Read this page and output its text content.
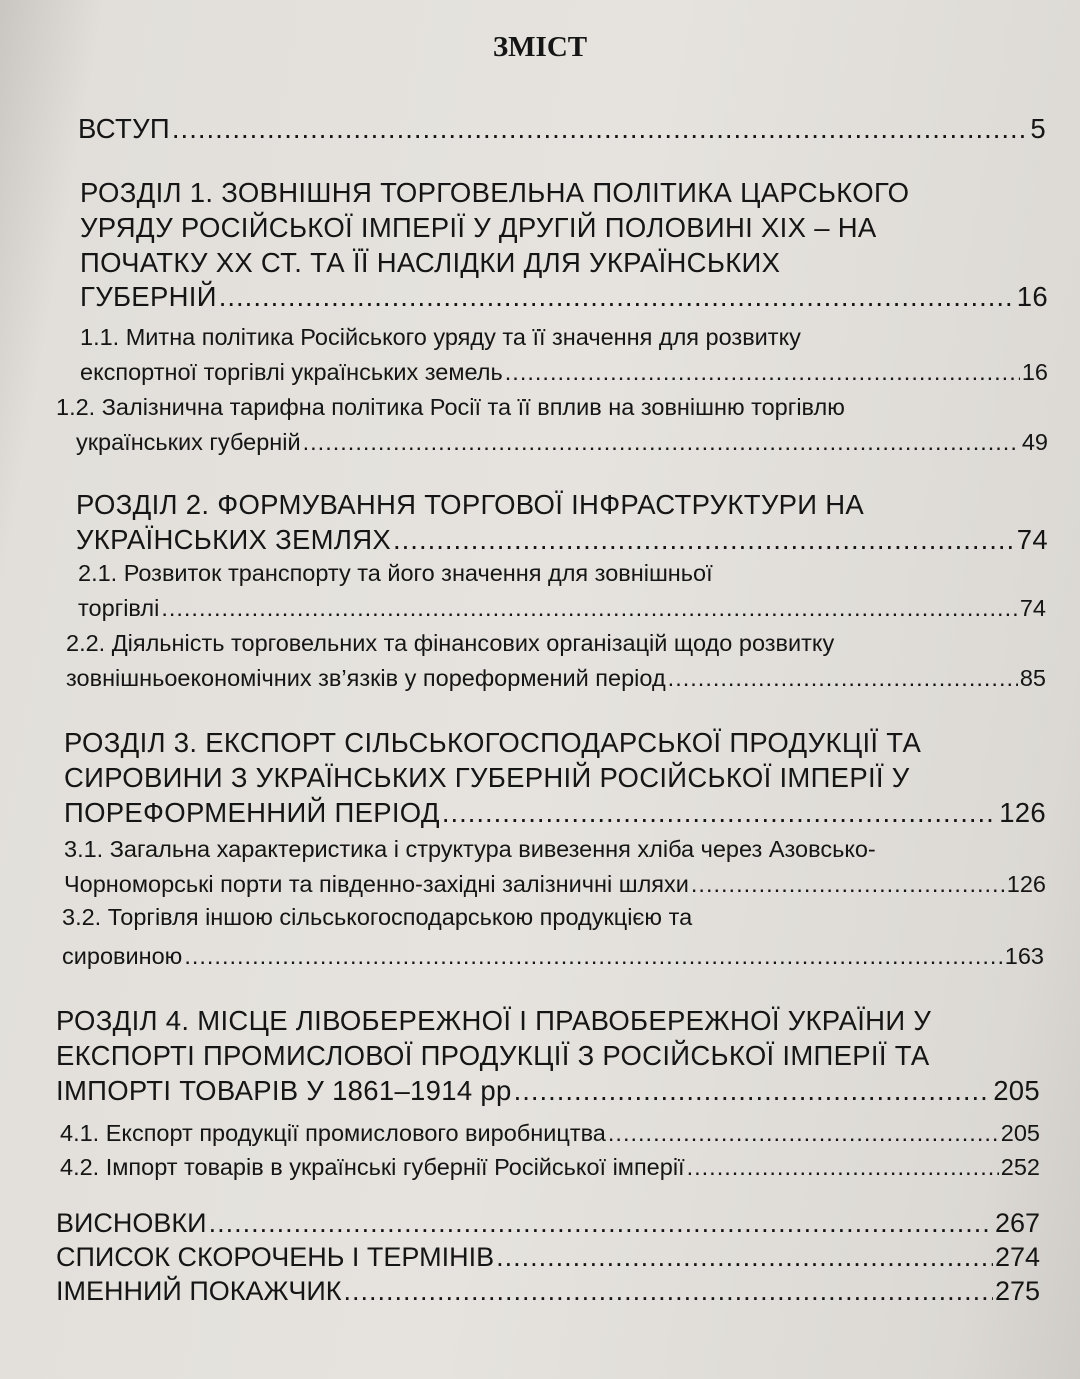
ЗМІСТ
ВСТУП .....	5
РОЗДІЛ 1. ЗОВНІШНЯ ТОРГОВЕЛЬНА ПОЛІТИКА ЦАРСЬКОГО
УРЯДУ РОСІЙСЬКОЇ ІМПЕРІЇ У ДРУГІЙ ПОЛОВИНІ ХІХ – НА
ПОЧАТКУ ХХ СТ. ТА ЇЇ НАСЛІДКИ ДЛЯ УКРАЇНСЬКИХ
ГУБЕРНІЙ .....	16
1.1. Митна політика Російського уряду та її значення для розвитку
експортної торгівлі українських земель .....	16
1.2. Залізнична тарифна політика Росії та її вплив на зовнішню торгівлю
українських губерній .....	49
РОЗДІЛ 2. ФОРМУВАННЯ ТОРГОВОЇ ІНФРАСТРУКТУРИ НА
УКРАЇНСЬКИХ ЗЕМЛЯХ .....	74
2.1. Розвиток транспорту та його значення для зовнішньої
торгівлі .....	74
2.2. Діяльність торговельних та фінансових організацій щодо розвитку
зовнішньоекономічних зв’язків у пореформений період .....	85
РОЗДІЛ 3. ЕКСПОРТ СІЛЬСЬКОГОСПОДАРСЬКОЇ ПРОДУКЦІЇ ТА
СИРОВИНИ З УКРАЇНСЬКИХ ГУБЕРНІЙ РОСІЙСЬКОЇ ІМПЕРІЇ У
ПОРЕФОРМЕННИЙ ПЕРІОД .....	126
3.1. Загальна характеристика і структура вивезення хліба через Азовсько-
Чорноморські порти та південно-західні залізничні шляхи .....	126
3.2. Торгівля іншою сільськогосподарською продукцією та
сировиною .....	163
РОЗДІЛ 4. МІСЦЕ ЛІВОБЕРЕЖНОЇ І ПРАВОБЕРЕЖНОЇ УКРАЇНИ У
ЕКСПОРТІ ПРОМИСЛОВОЇ ПРОДУКЦІЇ З РОСІЙСЬКОЇ ІМПЕРІЇ ТА
ІМПОРТІ ТОВАРІВ У 1861–1914 рр .....	205
4.1. Експорт продукції промислового виробництва .....	205
4.2. Імпорт товарів в українські губернії Російської імперії .....	252
ВИСНОВКИ .....	267
СПИСОК СКОРОЧЕНЬ І ТЕРМІНІВ .....	274
ІМЕННИЙ ПОКАЖЧИК .....	275
